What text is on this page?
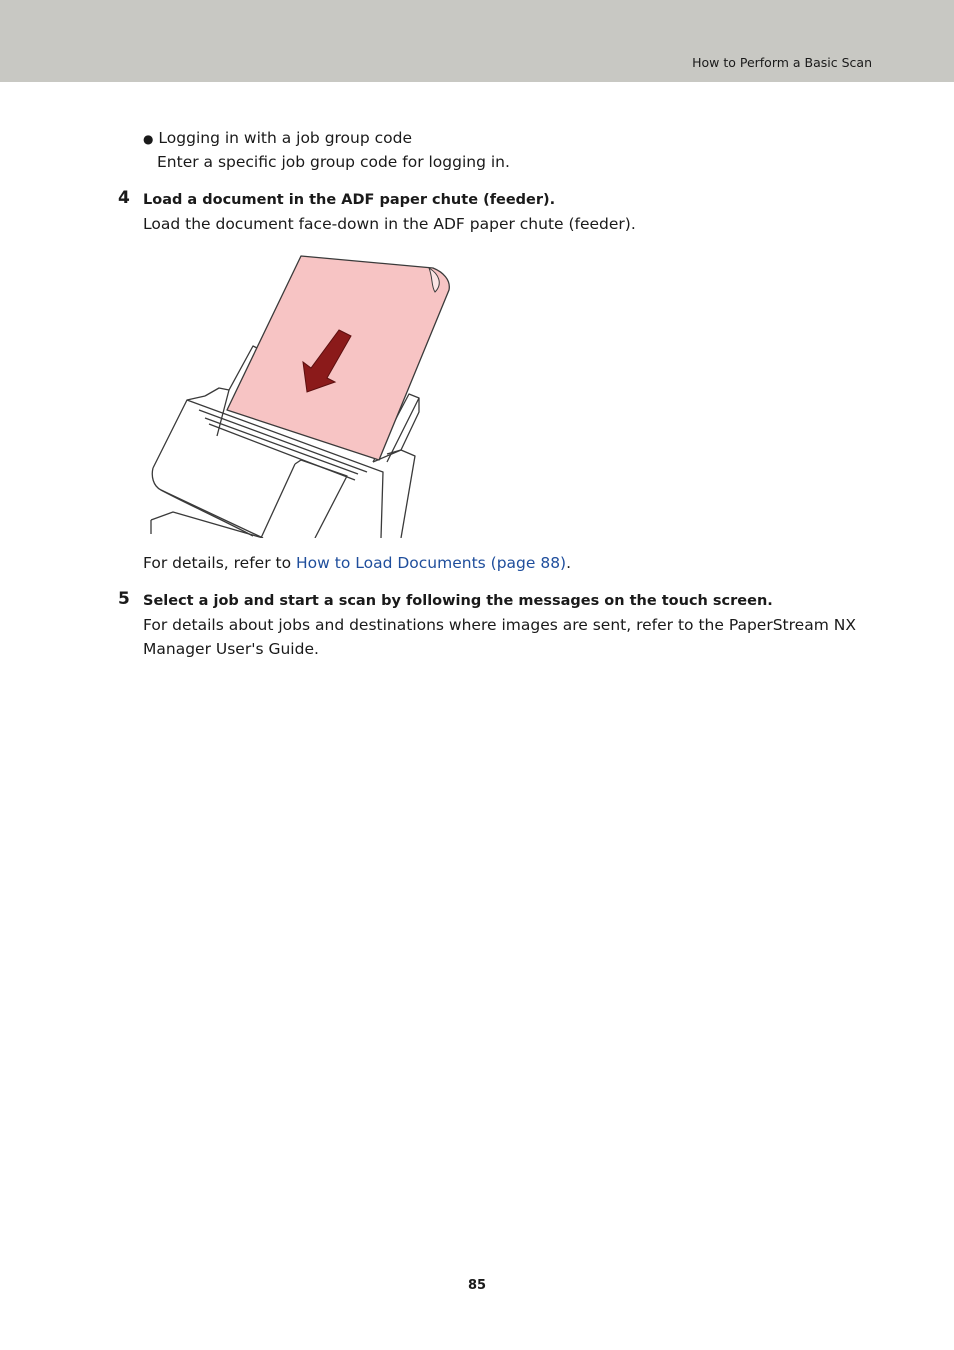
How to Perform a Basic Scan
● Logging in with a job group code
Enter a specific job group code for logging in.
4 Load a document in the ADF paper chute (feeder).
Load the document face-down in the ADF paper chute (feeder).
For details, refer to How to Load Documents (page 88).
5 Select a job and start a scan by following the messages on the touch screen.
For details about jobs and destinations where images are sent, refer to the PaperStream NX
Manager User's Guide.
85
